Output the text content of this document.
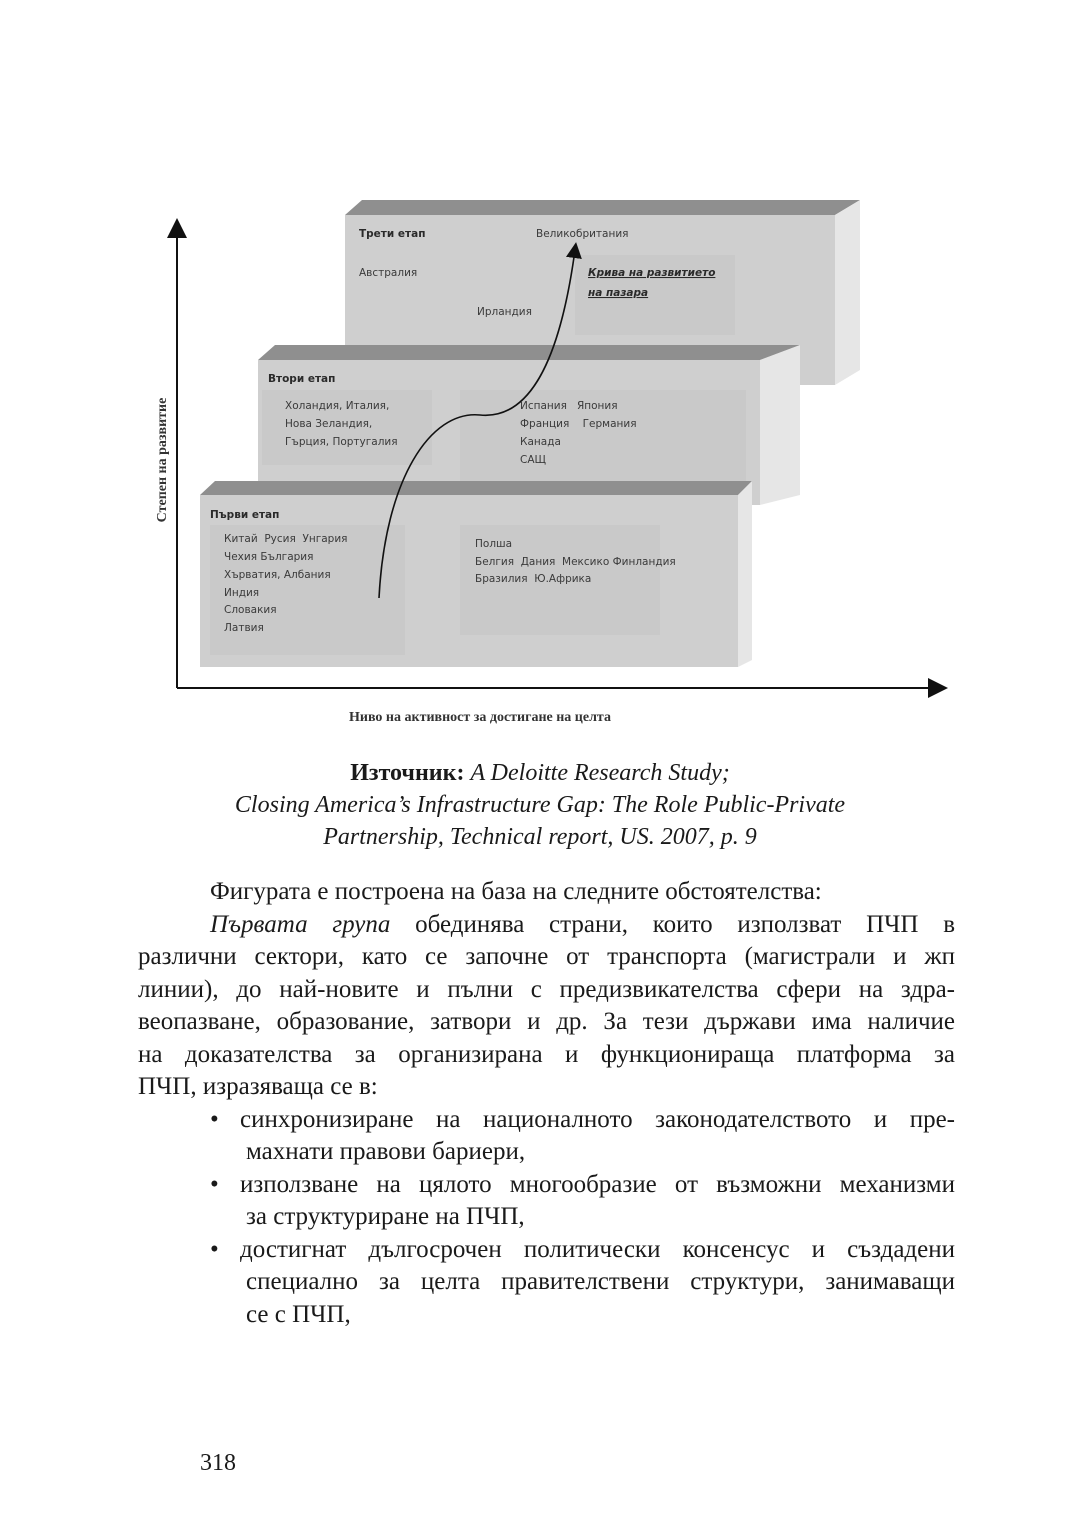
Степен на развитие
Ниво на активност за достигане на целта
Трети етап	Великобритания
Австралия
Ирландия
Крива на развитието
на пазара
Втори етап
Холандия, Италия,
Нова Зеландия,
Гърция, Португалия
Испания   Япония
Франция    Германия
Канада
САЩ
Първи етап
Китай  Русия  Унгария
Чехия България
Хърватия, Албания
Индия
Словакия
Латвия
Полша
Белгия  Дания  Мексико Финландия
Бразилия  Ю.Африка
Източник: A Deloitte Research Study;
Closing America’s Infrastructure Gap: The Role Public-Private
Partnership, Technical report, US. 2007, p. 9
Фигурата е построена на база на следните обстоятелства:
Първата група обединява страни, които използват ПЧП в
различни сектори, като се започне от транспорта (магистрали и жп
линии), до най-новите и пълни с предизвикателства сфери на здра-
веопазване, образование, затвори и др. За тези държави има наличие
на доказателства за организирана и функционираща платформа за
ПЧП, изразяваща се в:
• синхронизиране на националното законодателството и пре-
махнати правови бариери,
• използване на цялото многообразие от възможни механизми
за структуриране на ПЧП,
• достигнат дългосрочен политически консенсус и създадени
специално за целта правителствени структури, занимаващи
се с ПЧП,
318
